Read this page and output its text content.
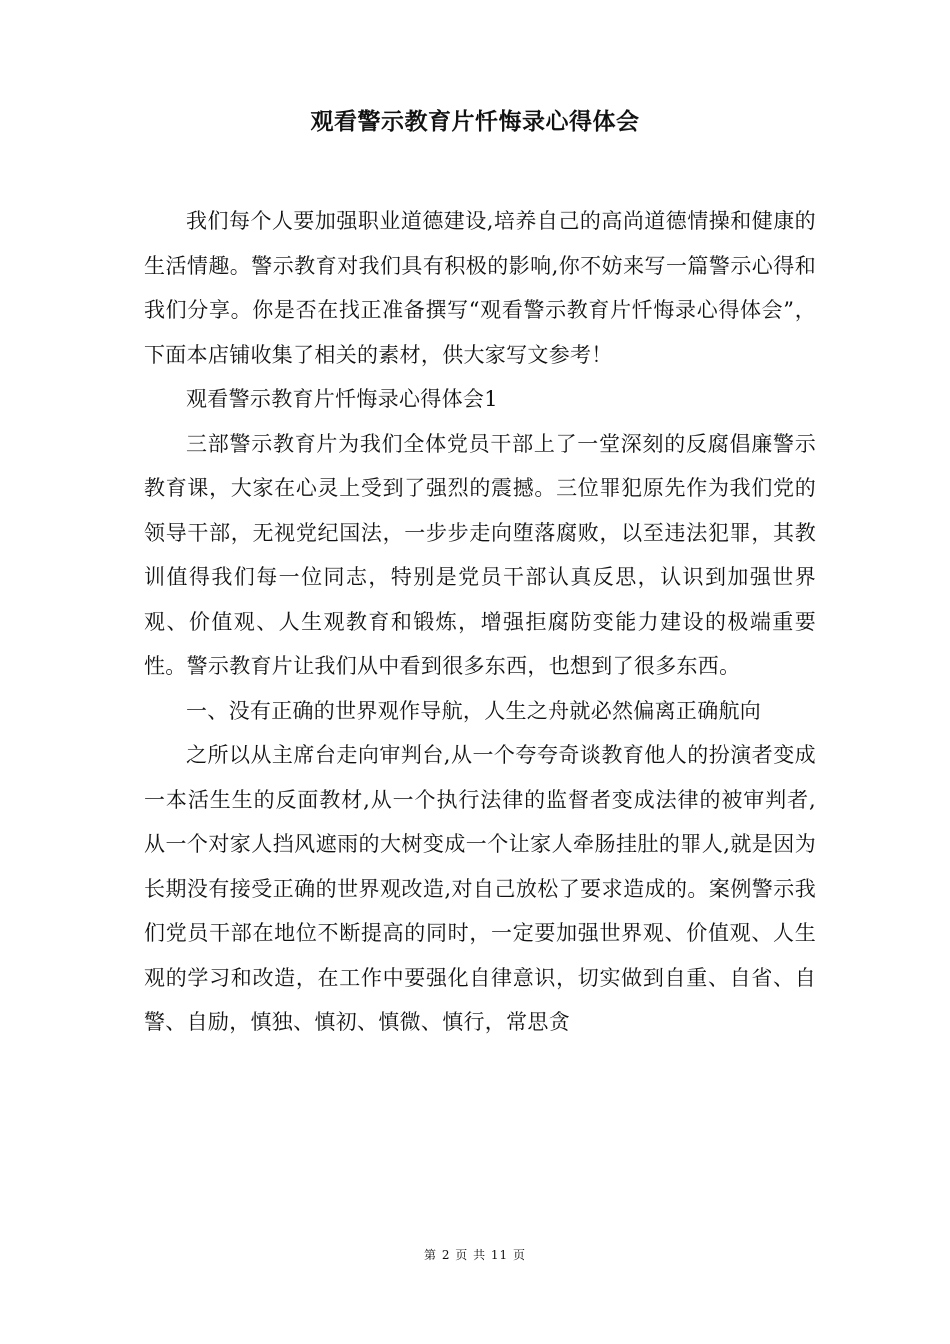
观看警示教育片忏悔录心得体会

我们每个人要加强职业道德建设,培养自己的高尚道德情操和健康的生活情趣。警示教育对我们具有积极的影响,你不妨来写一篇警示心得和我们分享。你是否在找正准备撰写“观看警示教育片忏悔录心得体会”，下面本店铺收集了相关的素材，供大家写文参考！

观看警示教育片忏悔录心得体会1

三部警示教育片为我们全体党员干部上了一堂深刻的反腐倡廉警示教育课，大家在心灵上受到了强烈的震撼。三位罪犯原先作为我们党的领导干部，无视党纪国法，一步步走向堕落腐败，以至违法犯罪，其教训值得我们每一位同志，特别是党员干部认真反思，认识到加强世界观、价值观、人生观教育和锻炼，增强拒腐防变能力建设的极端重要性。警示教育片让我们从中看到很多东西，也想到了很多东西。

一、没有正确的世界观作导航，人生之舟就必然偏离正确航向

之所以从主席台走向审判台,从一个夸夸奇谈教育他人的扮演者变成一本活生生的反面教材,从一个执行法律的监督者变成法律的被审判者,从一个对家人挡风遮雨的大树变成一个让家人牵肠挂肚的罪人,就是因为长期没有接受正确的世界观改造,对自己放松了要求造成的。案例警示我们党员干部在地位不断提高的同时，一定要加强世界观、价值观、人生观的学习和改造，在工作中要强化自律意识，切实做到自重、自省、自警、自励，慎独、慎初、慎微、慎行，常思贪

第 2 页 共 11 页
